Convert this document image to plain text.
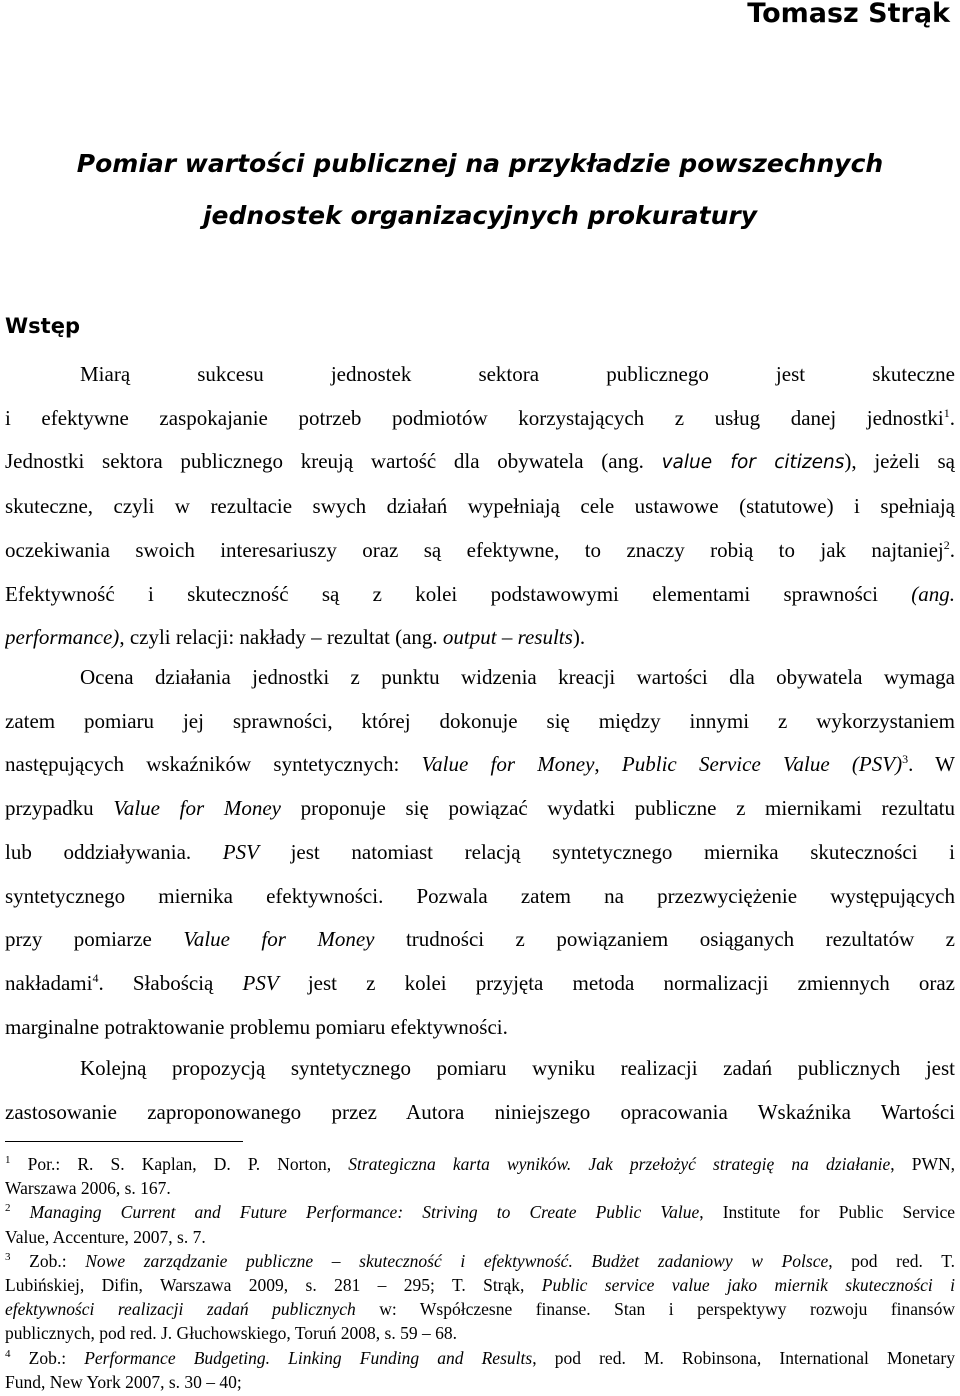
Tomasz Strąk
Pomiar wartości publicznej na przykładzie powszechnych
jednostek organizacyjnych prokuratury
Wstęp
Miarą sukcesu jednostek sektora publicznego jest skuteczne
i efektywne zaspokajanie potrzeb podmiotów korzystających z usług danej jednostki$^1$.
Jednostki sektora publicznego kreują wartość dla obywatela (ang. value for citizens), jeżeli są
skuteczne, czyli w rezultacie swych działań wypełniają cele ustawowe (statutowe) i spełniają
oczekiwania swoich interesariuszy oraz są efektywne, to znaczy robią to jak najtaniej$^2$.
Efektywność i skuteczność są z kolei podstawowymi elementami sprawności (ang.
performance), czyli relacji: nakłady – rezultat (ang. output – results).
Ocena działania jednostki z punktu widzenia kreacji wartości dla obywatela wymaga
zatem pomiaru jej sprawności, której dokonuje się między innymi z wykorzystaniem
następujących wskaźników syntetycznych: Value for Money, Public Service Value (PSV)$^3$. W
przypadku Value for Money proponuje się powiązać wydatki publiczne z miernikami rezultatu
lub oddziaływania. PSV jest natomiast relacją syntetycznego miernika skuteczności i
syntetycznego miernika efektywności. Pozwala zatem na przezwyciężenie występujących
przy pomiarze Value for Money trudności z powiązaniem osiąganych rezultatów z
nakładami$^4$. Słabością PSV jest z kolei przyjęta metoda normalizacji zmiennych oraz
marginalne potraktowanie problemu pomiaru efektywności.
Kolejną propozycją syntetycznego pomiaru wyniku realizacji zadań publicznych jest
zastosowanie zaproponowanego przez Autora niniejszego opracowania Wskaźnika Wartości
$^1$ Por.: R. S. Kaplan, D. P. Norton, Strategiczna karta wyników. Jak przełożyć strategię na działanie, PWN,
Warszawa 2006, s. 167.
$^2$ Managing Current and Future Performance: Striving to Create Public Value, Institute for Public Service
Value, Accenture, 2007, s. 7.
$^3$ Zob.: Nowe zarządzanie publiczne – skuteczność i efektywność. Budżet zadaniowy w Polsce, pod red. T.
Lubińskiej, Difin, Warszawa 2009, s. 281 – 295; T. Strąk, Public service value jako miernik skuteczności i
efektywności realizacji zadań publicznych w: Współczesne finanse. Stan i perspektywy rozwoju finansów
publicznych, pod red. J. Głuchowskiego, Toruń 2008, s. 59 – 68.
$^4$ Zob.: Performance Budgeting. Linking Funding and Results, pod red. M. Robinsona, International Monetary
Fund, New York 2007, s. 30 – 40;
